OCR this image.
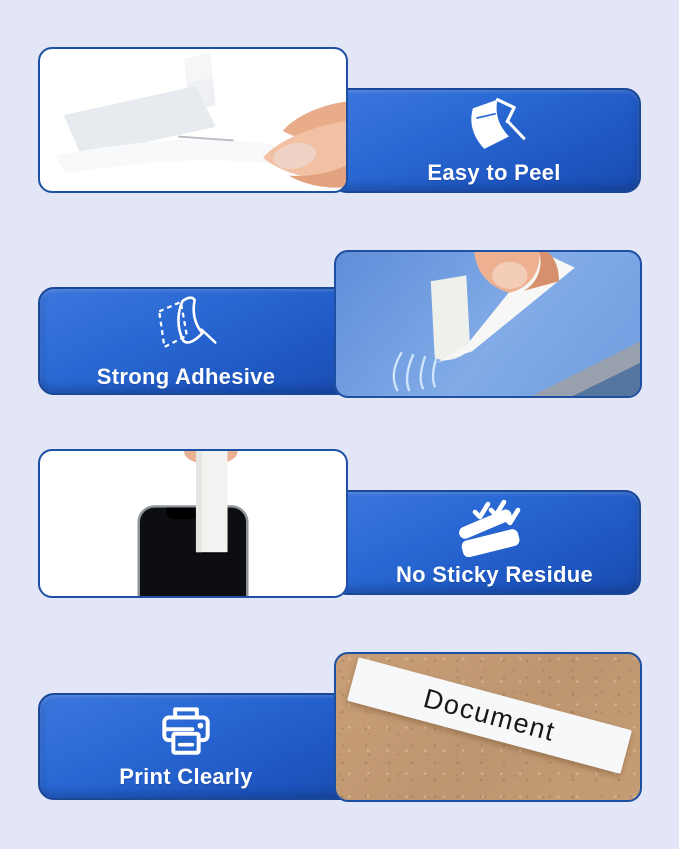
Easy to Peel
Strong Adhesive
No Sticky Residue
Print Clearly
Document
